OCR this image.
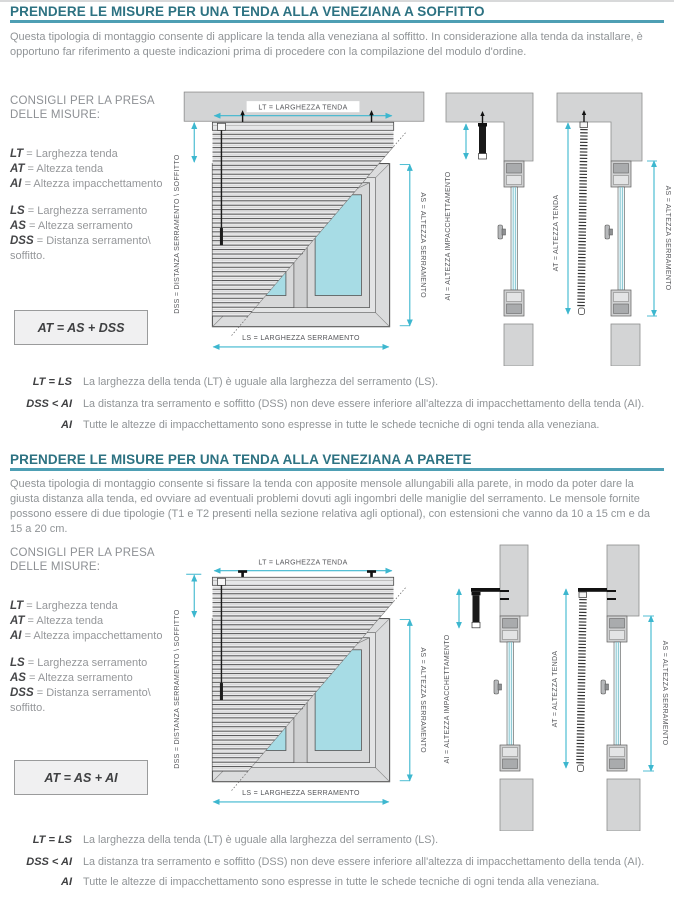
PRENDERE LE MISURE PER UNA TENDA ALLA VENEZIANA A SOFFITTO
Questa tipologia di montaggio consente di applicare la tenda alla veneziana al soffitto. In considerazione alla tenda da installare, è opportuno far riferimento a queste indicazioni prima di procedere con la compilazione del modulo d'ordine.
CONSIGLI PER LA PRESA DELLE MISURE:
LT = Larghezza tenda
AT = Altezza tenda
AI = Altezza impacchettamento
LS = Larghezza serramento
AS = Altezza serramento
DSS = Distanza serramento\ soffitto.
AT = AS + DSS
LT = LARGHEZZA TENDA
AI = ALTEZZA IMPACCHETTAMENTO	AT = ALTEZZA TENDA	AS = ALTEZZA SERRAMENTO
LT = LS	La larghezza della tenda (LT) è uguale alla larghezza del serramento (LS).
DSS < AI	La distanza tra serramento e soffitto (DSS) non deve essere inferiore all'altezza di impacchettamento della tenda (AI).
AI	Tutte le altezze di impacchettamento sono espresse in tutte le schede tecniche di ogni tenda alla veneziana.
PRENDERE LE MISURE PER UNA TENDA ALLA VENEZIANA A PARETE
Questa tipologia di montaggio consente si fissare la tenda con apposite mensole allungabili alla parete, in modo da poter dare la giusta distanza alla tenda, ed ovviare ad eventuali problemi dovuti agli ingombri delle maniglie del serramento. Le mensole fornite possono essere di due tipologie (T1 e T2 presenti nella sezione relativa agli optional), con estensioni che vanno da 10 a 15 cm e da 15 a 20 cm.
CONSIGLI PER LA PRESA DELLE MISURE:
LT = Larghezza tenda
AT = Altezza tenda
AI = Altezza impacchettamento
LS = Larghezza serramento
AS = Altezza serramento
DSS = Distanza serramento\ soffitto.
AT = AS + AI
LT = LARGHEZZA TENDA
AI = ALTEZZA IMPACCHETTAMENTO	AT = ALTEZZA TENDA	AS = ALTEZZA SERRAMENTO
LT = LS	La larghezza della tenda (LT) è uguale alla larghezza del serramento (LS).
DSS < AI	La distanza tra serramento e soffitto (DSS) non deve essere inferiore all'altezza di impacchettamento della tenda (AI).
AI	Tutte le altezze di impacchettamento sono espresse in tutte le schede tecniche di ogni tenda alla veneziana.
